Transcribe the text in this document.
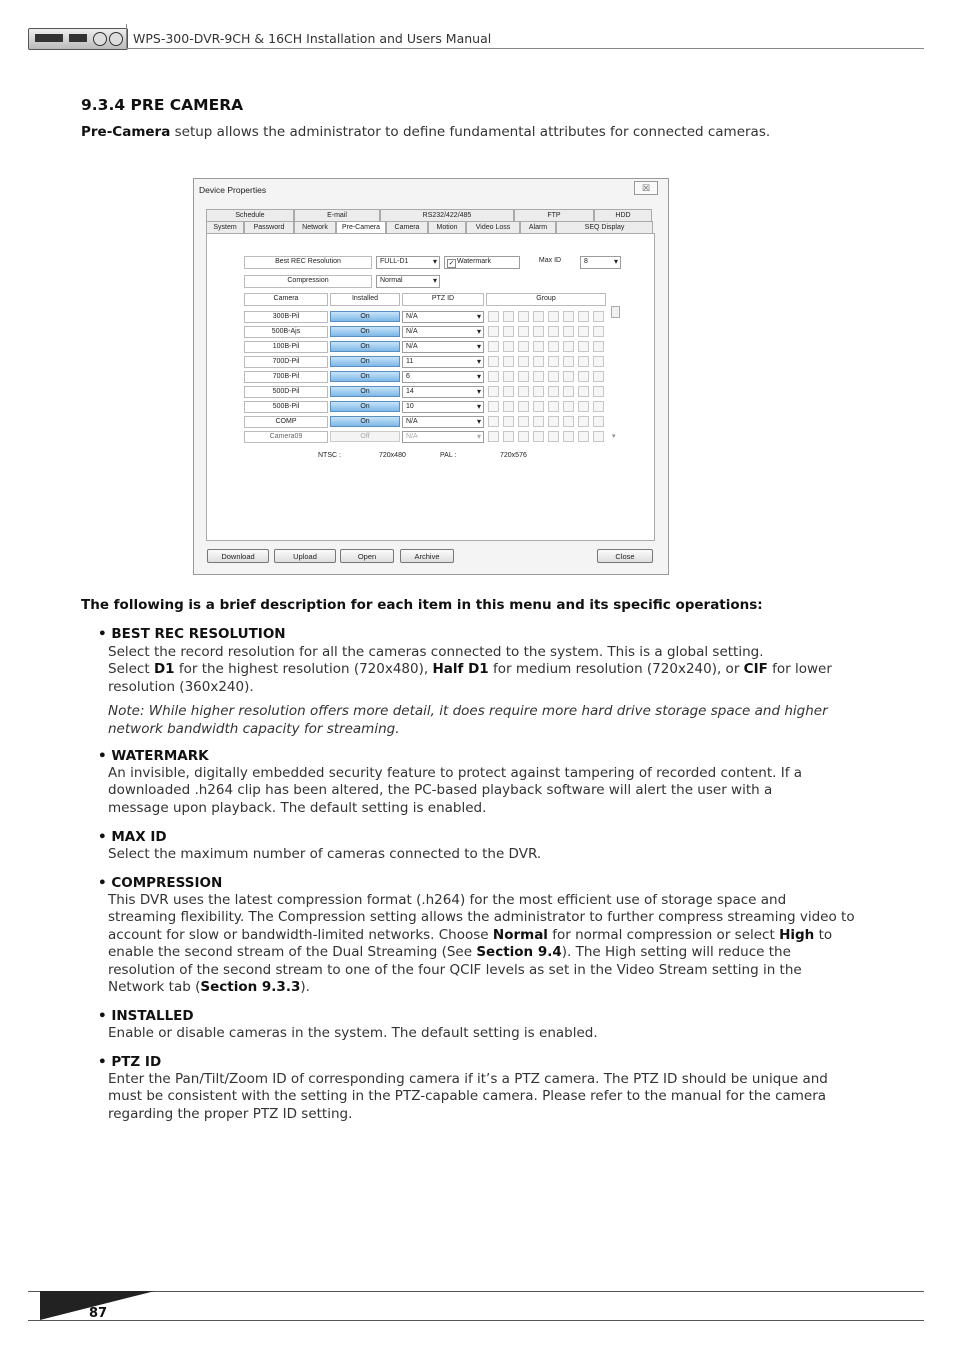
WPS-300-DVR-9CH & 16CH Installation and Users Manual
9.3.4 PRE CAMERA

Pre-Camera setup allows the administrator to define fundamental attributes for connected cameras.

Device Properties	☒
Schedule	E-mail	RS232/422/485	FTP	HDD
System	Password	Network	Pre-Camera	Camera	Motion	Video Loss	Alarm	SEQ Display
Best REC Resolution	FULL-D1 ▾	✓ Watermark	Max ID	8 ▾
Compression	Normal ▾
Camera	Installed	PTZ ID	Group
300B-Pil	On	N/A ▾
500B-Ajs	On	N/A ▾
100B-Pil	On	N/A ▾
700D-Pil	On	11 ▾
700B-Pil	On	6 ▾
500D-Pil	On	14 ▾
500B-Pil	On	10 ▾
COMP	On	N/A ▾
Camera09	Off	N/A ▾	▾
NTSC :	720x480	PAL :	720x576
Download	Upload	Open	Archive	Close

The following is a brief description for each item in this menu and its specific operations:

• BEST REC RESOLUTION

Select the record resolution for all the cameras connected to the system. This is a global setting.
Select D1 for the highest resolution (720x480), Half D1 for medium resolution (720x240), or CIF for lower
resolution (360x240).
Note: While higher resolution offers more detail, it does require more hard drive storage space and higher network bandwidth capacity for streaming.

• WATERMARK

An invisible, digitally embedded security feature to protect against tampering of recorded content. If a downloaded .h264 clip has been altered, the PC-based playback software will alert the user with a message upon playback. The default setting is enabled.

• MAX ID

Select the maximum number of cameras connected to the DVR.

• COMPRESSION

This DVR uses the latest compression format (.h264) for the most efficient use of storage space and streaming flexibility. The Compression setting allows the administrator to further compress streaming video to account for slow or bandwidth-limited networks. Choose Normal for normal compression or select High to enable the second stream of the Dual Streaming (See Section 9.4). The High setting will reduce the resolution of the second stream to one of the four QCIF levels as set in the Video Stream setting in the Network tab (Section 9.3.3).

• INSTALLED

Enable or disable cameras in the system. The default setting is enabled.

• PTZ ID

Enter the Pan/Tilt/Zoom ID of corresponding camera if it’s a PTZ camera. The PTZ ID should be unique and must be consistent with the setting in the PTZ-capable camera. Please refer to the manual for the camera regarding the proper PTZ ID setting.
87
